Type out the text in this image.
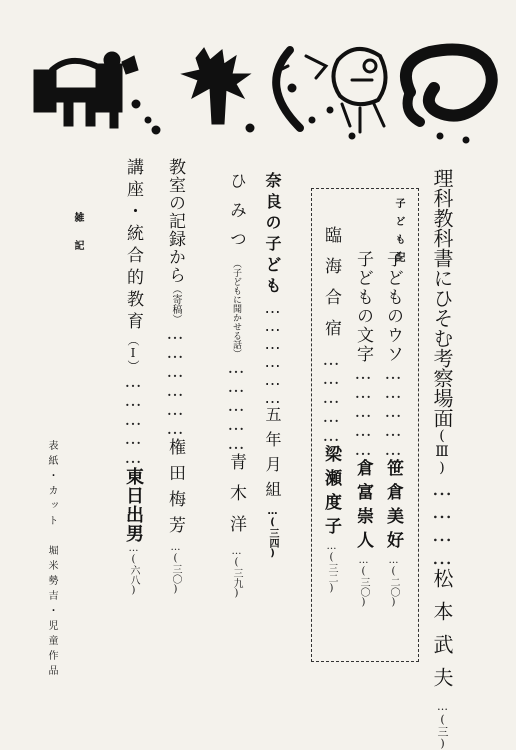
理科教科書にひそむ考察場面(Ⅲ)…………松本武夫…(三)
子ども記
子どものウソ……………笹倉美好…(二〇)
子どもの文字……………倉富崇人…(三〇)
臨海合宿……………梁瀬度子…(三二)
奈良の子ども………………五年月組…(三四)
ひみつ（子どもに聞かせる話）……………青木洋…(三九)
教室の記録から（寄稿）………………権田梅芳…(三〇)
講座・統合的教育（Ⅰ）……………東日出男…(六八)
雑記
表紙・カット　堀米勢吉・児童作品
